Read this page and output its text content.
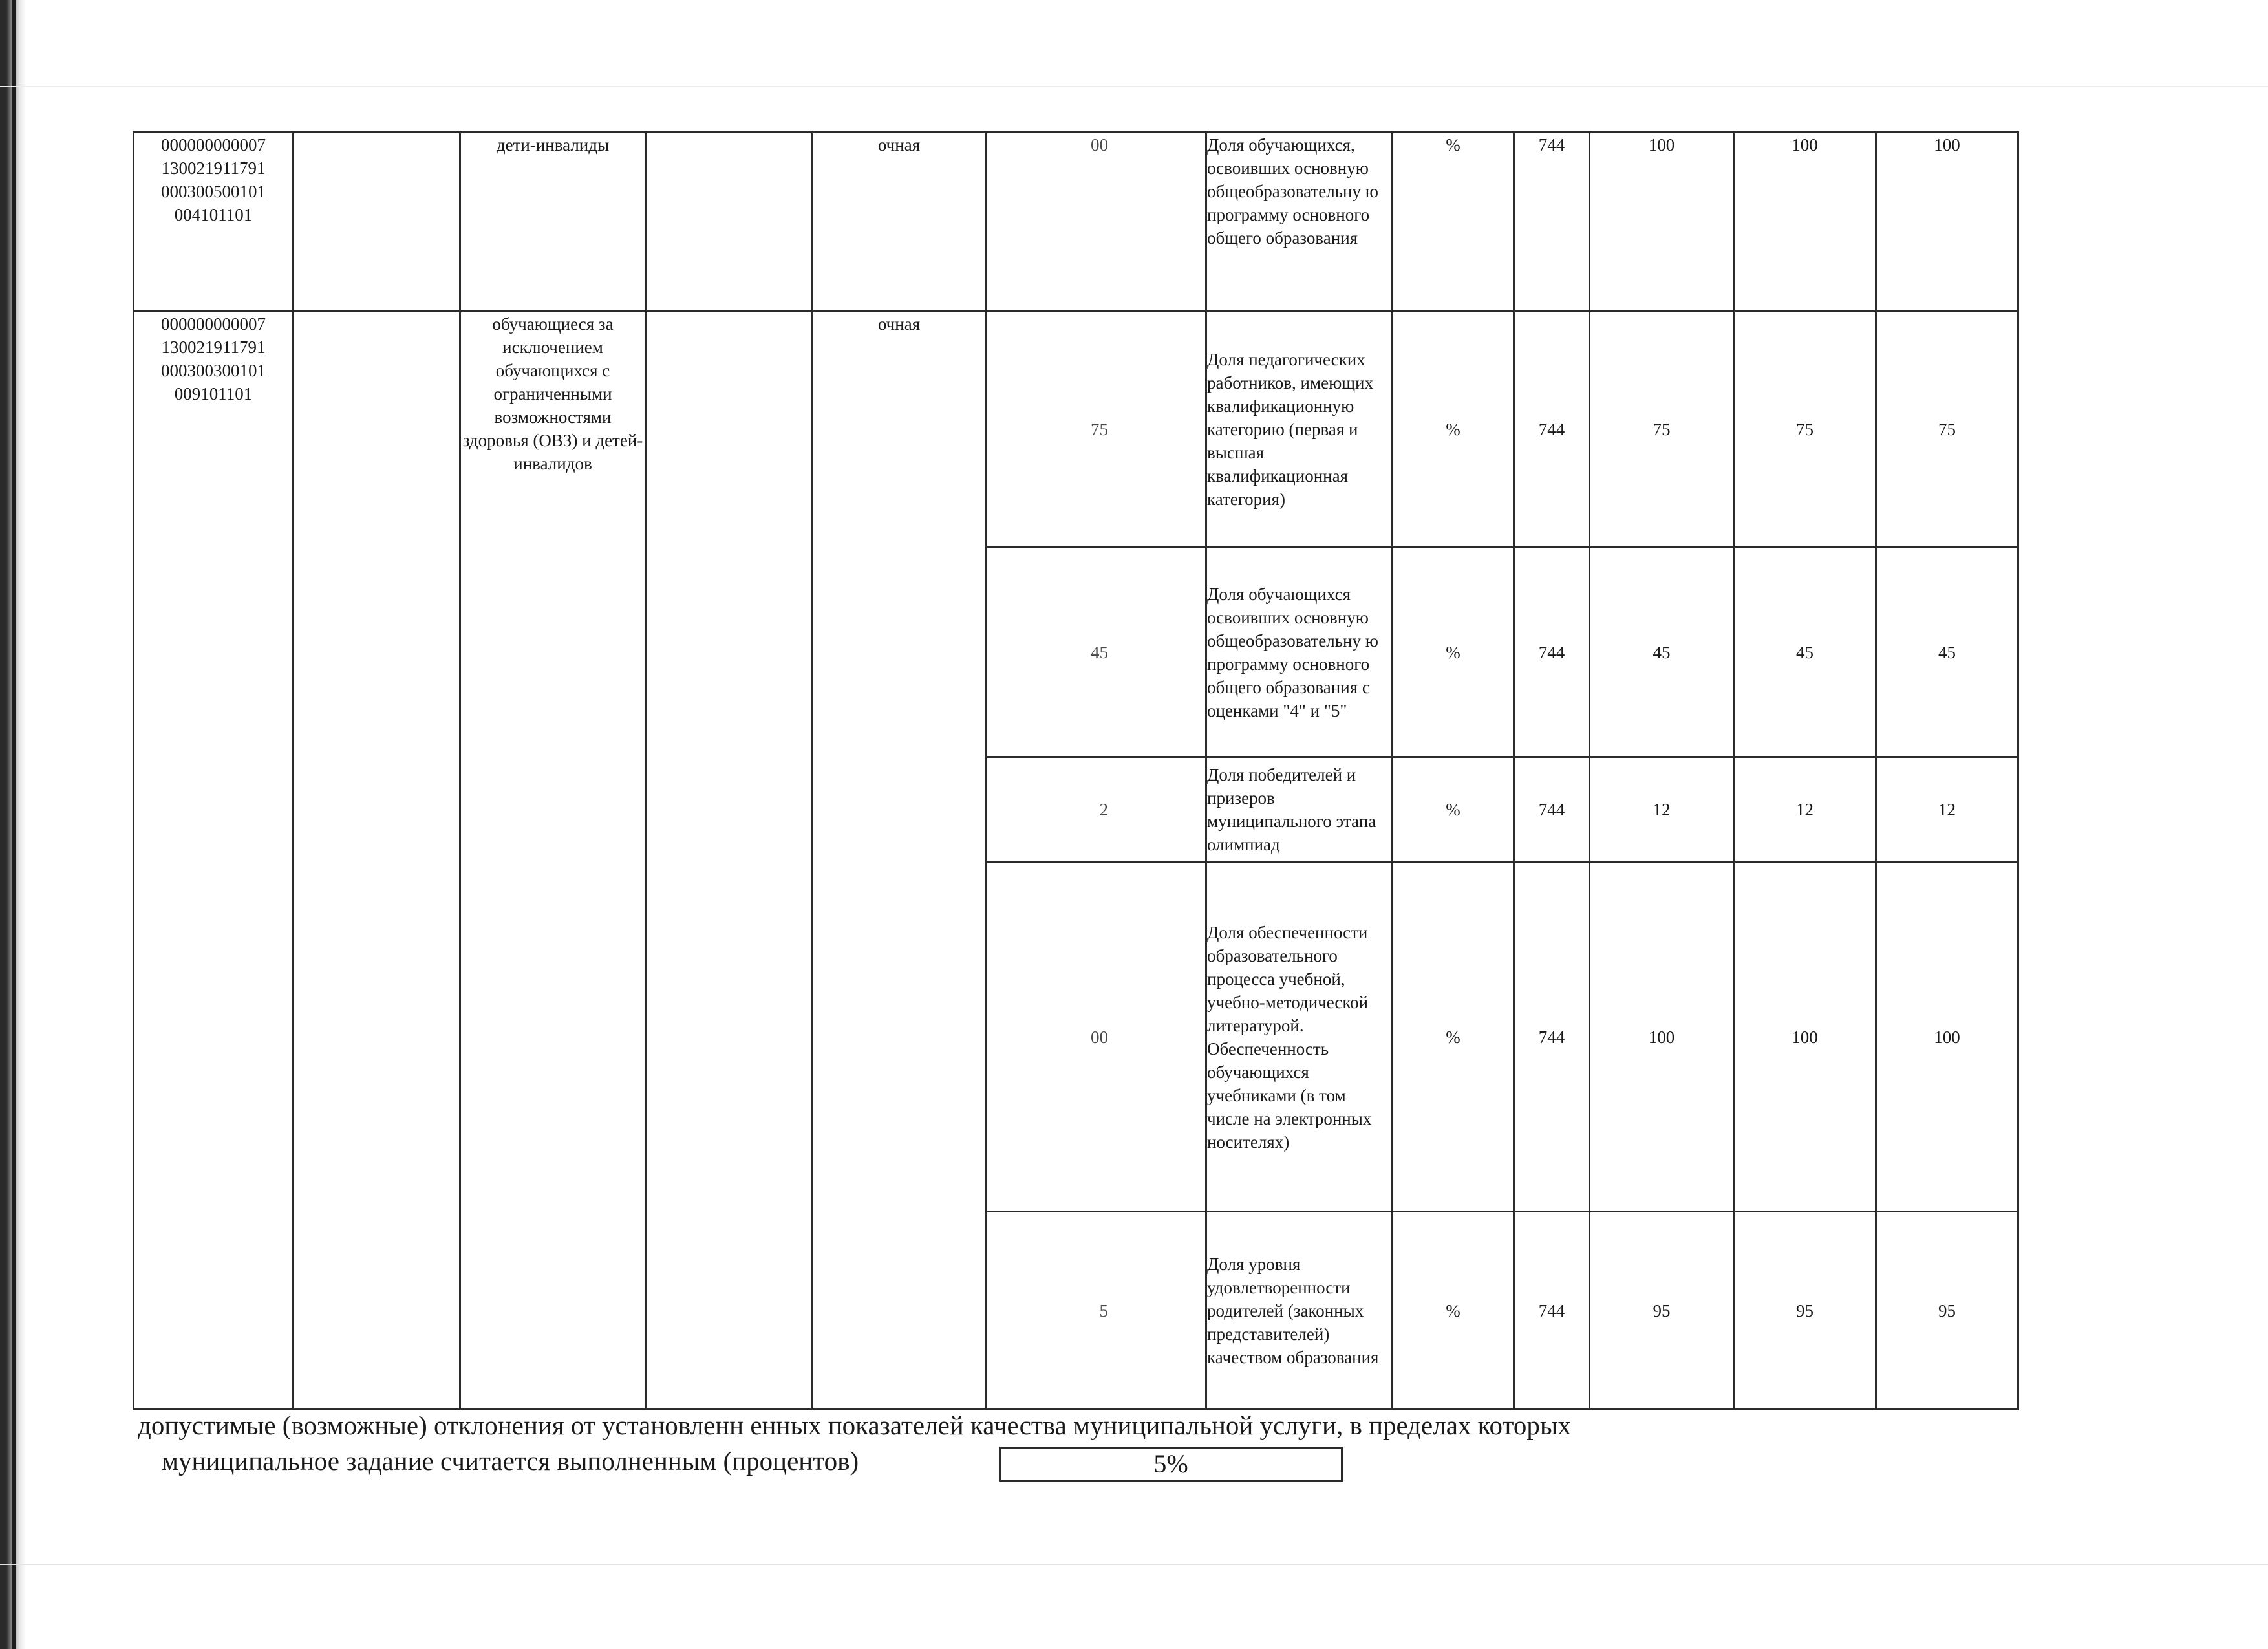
000000000007 130021911791 000300500101 004101101		дети-инвалиды		очная	00	Доля обучающихся, освоивших основную общеобразовательну ю программу основного общего образования	%	744	100	100	100
000000000007 130021911791 000300300101 009101101		обучающиеся за исключением обучающихся с ограниченными возможностями здоровья (ОВЗ) и детей-инвалидов		очная	75	Доля педагогических работников, имеющих квалификационную категорию (первая и высшая квалификационная категория)	%	744	75	75	75
					45	Доля обучающихся освоивших основную общеобразовательну ю программу основного общего образования с оценками "4" и "5"	%	744	45	45	45
					2	Доля победителей и призеров муниципального этапа олимпиад	%	744	12	12	12
					00	Доля обеспеченности образовательного процесса учебной, учебно-методической литературой. Обеспеченность обучающихся учебниками (в том числе на электронных носителях)	%	744	100	100	100
					5	Доля уровня удовлетворенности родителей (законных представителей) качеством образования	%	744	95	95	95
допустимые (возможные) отклонения от установленн енных показателей качества муниципальной услуги, в пределах которых
муниципальное задание считается выполненным (процентов)	5%
